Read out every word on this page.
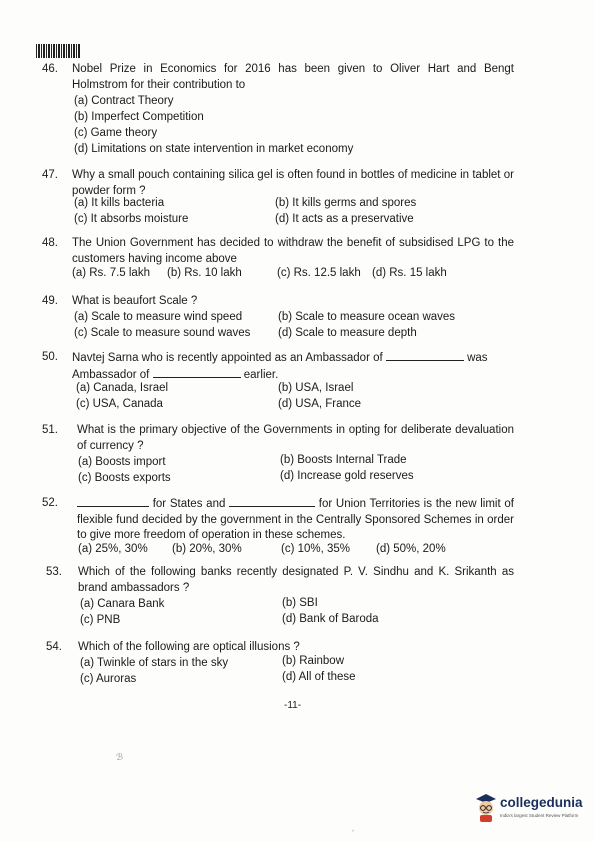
46. Nobel Prize in Economics for 2016 has been given to Oliver Hart and Bengt Holmstrom for their contribution to
(a) Contract Theory
(b) Imperfect Competition
(c) Game theory
(d) Limitations on state intervention in market economy
47. Why a small pouch containing silica gel is often found in bottles of medicine in tablet or powder form ?
(a) It kills bacteria	(b) It kills germs and spores
(c) It absorbs moisture	(d) It acts as a preservative
48. The Union Government has decided to withdraw the benefit of subsidised LPG to the customers having income above
(a) Rs. 7.5 lakh (b) Rs. 10 lakh	(c) Rs. 12.5 lakh (d) Rs. 15 lakh
49. What is beaufort Scale ?
(a) Scale to measure wind speed	(b) Scale to measure ocean waves
(c) Scale to measure sound waves (d) Scale to measure depth
50. Navtej Sarna who is recently appointed as an Ambassador of	was
Ambassador of	earlier.
(a) Canada, Israel	(b) USA, Israel
(c) USA, Canada	(d) USA, France
51. What is the primary objective of the Governments in opting for deliberate devaluation of currency ?
(a) Boosts import	(b) Boosts Internal Trade
(c) Boosts exports	(d) Increase gold reserves
52.	for States and	for Union Territories is the new limit of flexible fund decided by the government in the Centrally Sponsored Schemes in order to give more freedom of operation in these schemes.
(a) 25%, 30% (b) 20%, 30%	(c) 10%, 35% (d) 50%, 20%
53. Which of the following banks recently designated P. V. Sindhu and K. Srikanth as brand ambassadors ?
(a) Canara Bank	(b) SBI
(c) PNB	(d) Bank of Baroda
54. Which of the following are optical illusions ?
(a) Twinkle of stars in the sky	(b) Rainbow
(c) Auroras	(d) All of these
-11-
ℬ
‘
collegedunia
India's largest Student Review Platform
